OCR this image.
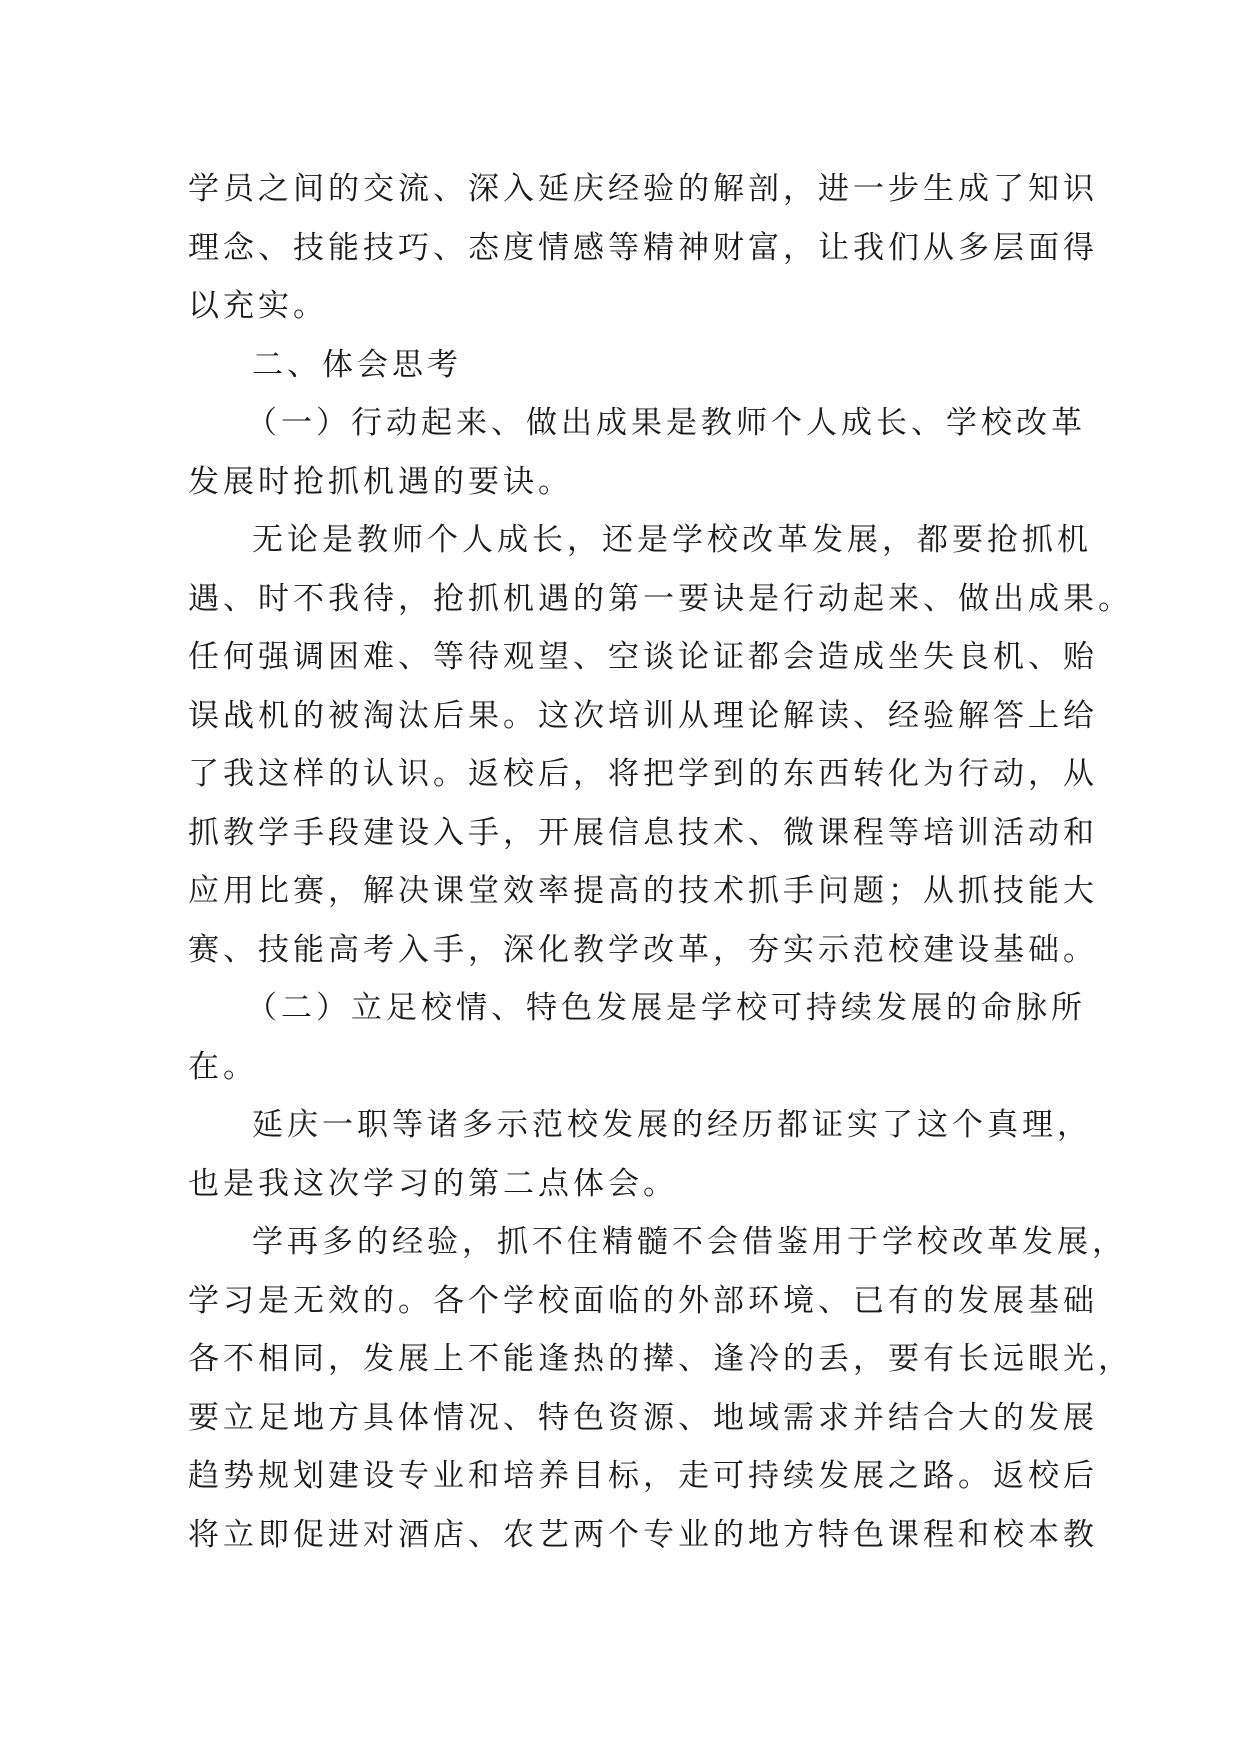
学员之间的交流、深入延庆经验的解剖，进一步生成了知识
理念、技能技巧、态度情感等精神财富，让我们从多层面得
以充实。
二、体会思考
（一）行动起来、做出成果是教师个人成长、学校改革
发展时抢抓机遇的要诀。
无论是教师个人成长，还是学校改革发展，都要抢抓机
遇、时不我待，抢抓机遇的第一要诀是行动起来、做出成果。
任何强调困难、等待观望、空谈论证都会造成坐失良机、贻
误战机的被淘汰后果。这次培训从理论解读、经验解答上给
了我这样的认识。返校后，将把学到的东西转化为行动，从
抓教学手段建设入手，开展信息技术、微课程等培训活动和
应用比赛，解决课堂效率提高的技术抓手问题；从抓技能大
赛、技能高考入手，深化教学改革，夯实示范校建设基础。
（二）立足校情、特色发展是学校可持续发展的命脉所
在。
延庆一职等诸多示范校发展的经历都证实了这个真理，
也是我这次学习的第二点体会。
学再多的经验，抓不住精髓不会借鉴用于学校改革发展，
学习是无效的。各个学校面临的外部环境、已有的发展基础
各不相同，发展上不能逢热的撵、逢冷的丢，要有长远眼光，
要立足地方具体情况、特色资源、地域需求并结合大的发展
趋势规划建设专业和培养目标，走可持续发展之路。返校后
将立即促进对酒店、农艺两个专业的地方特色课程和校本教
